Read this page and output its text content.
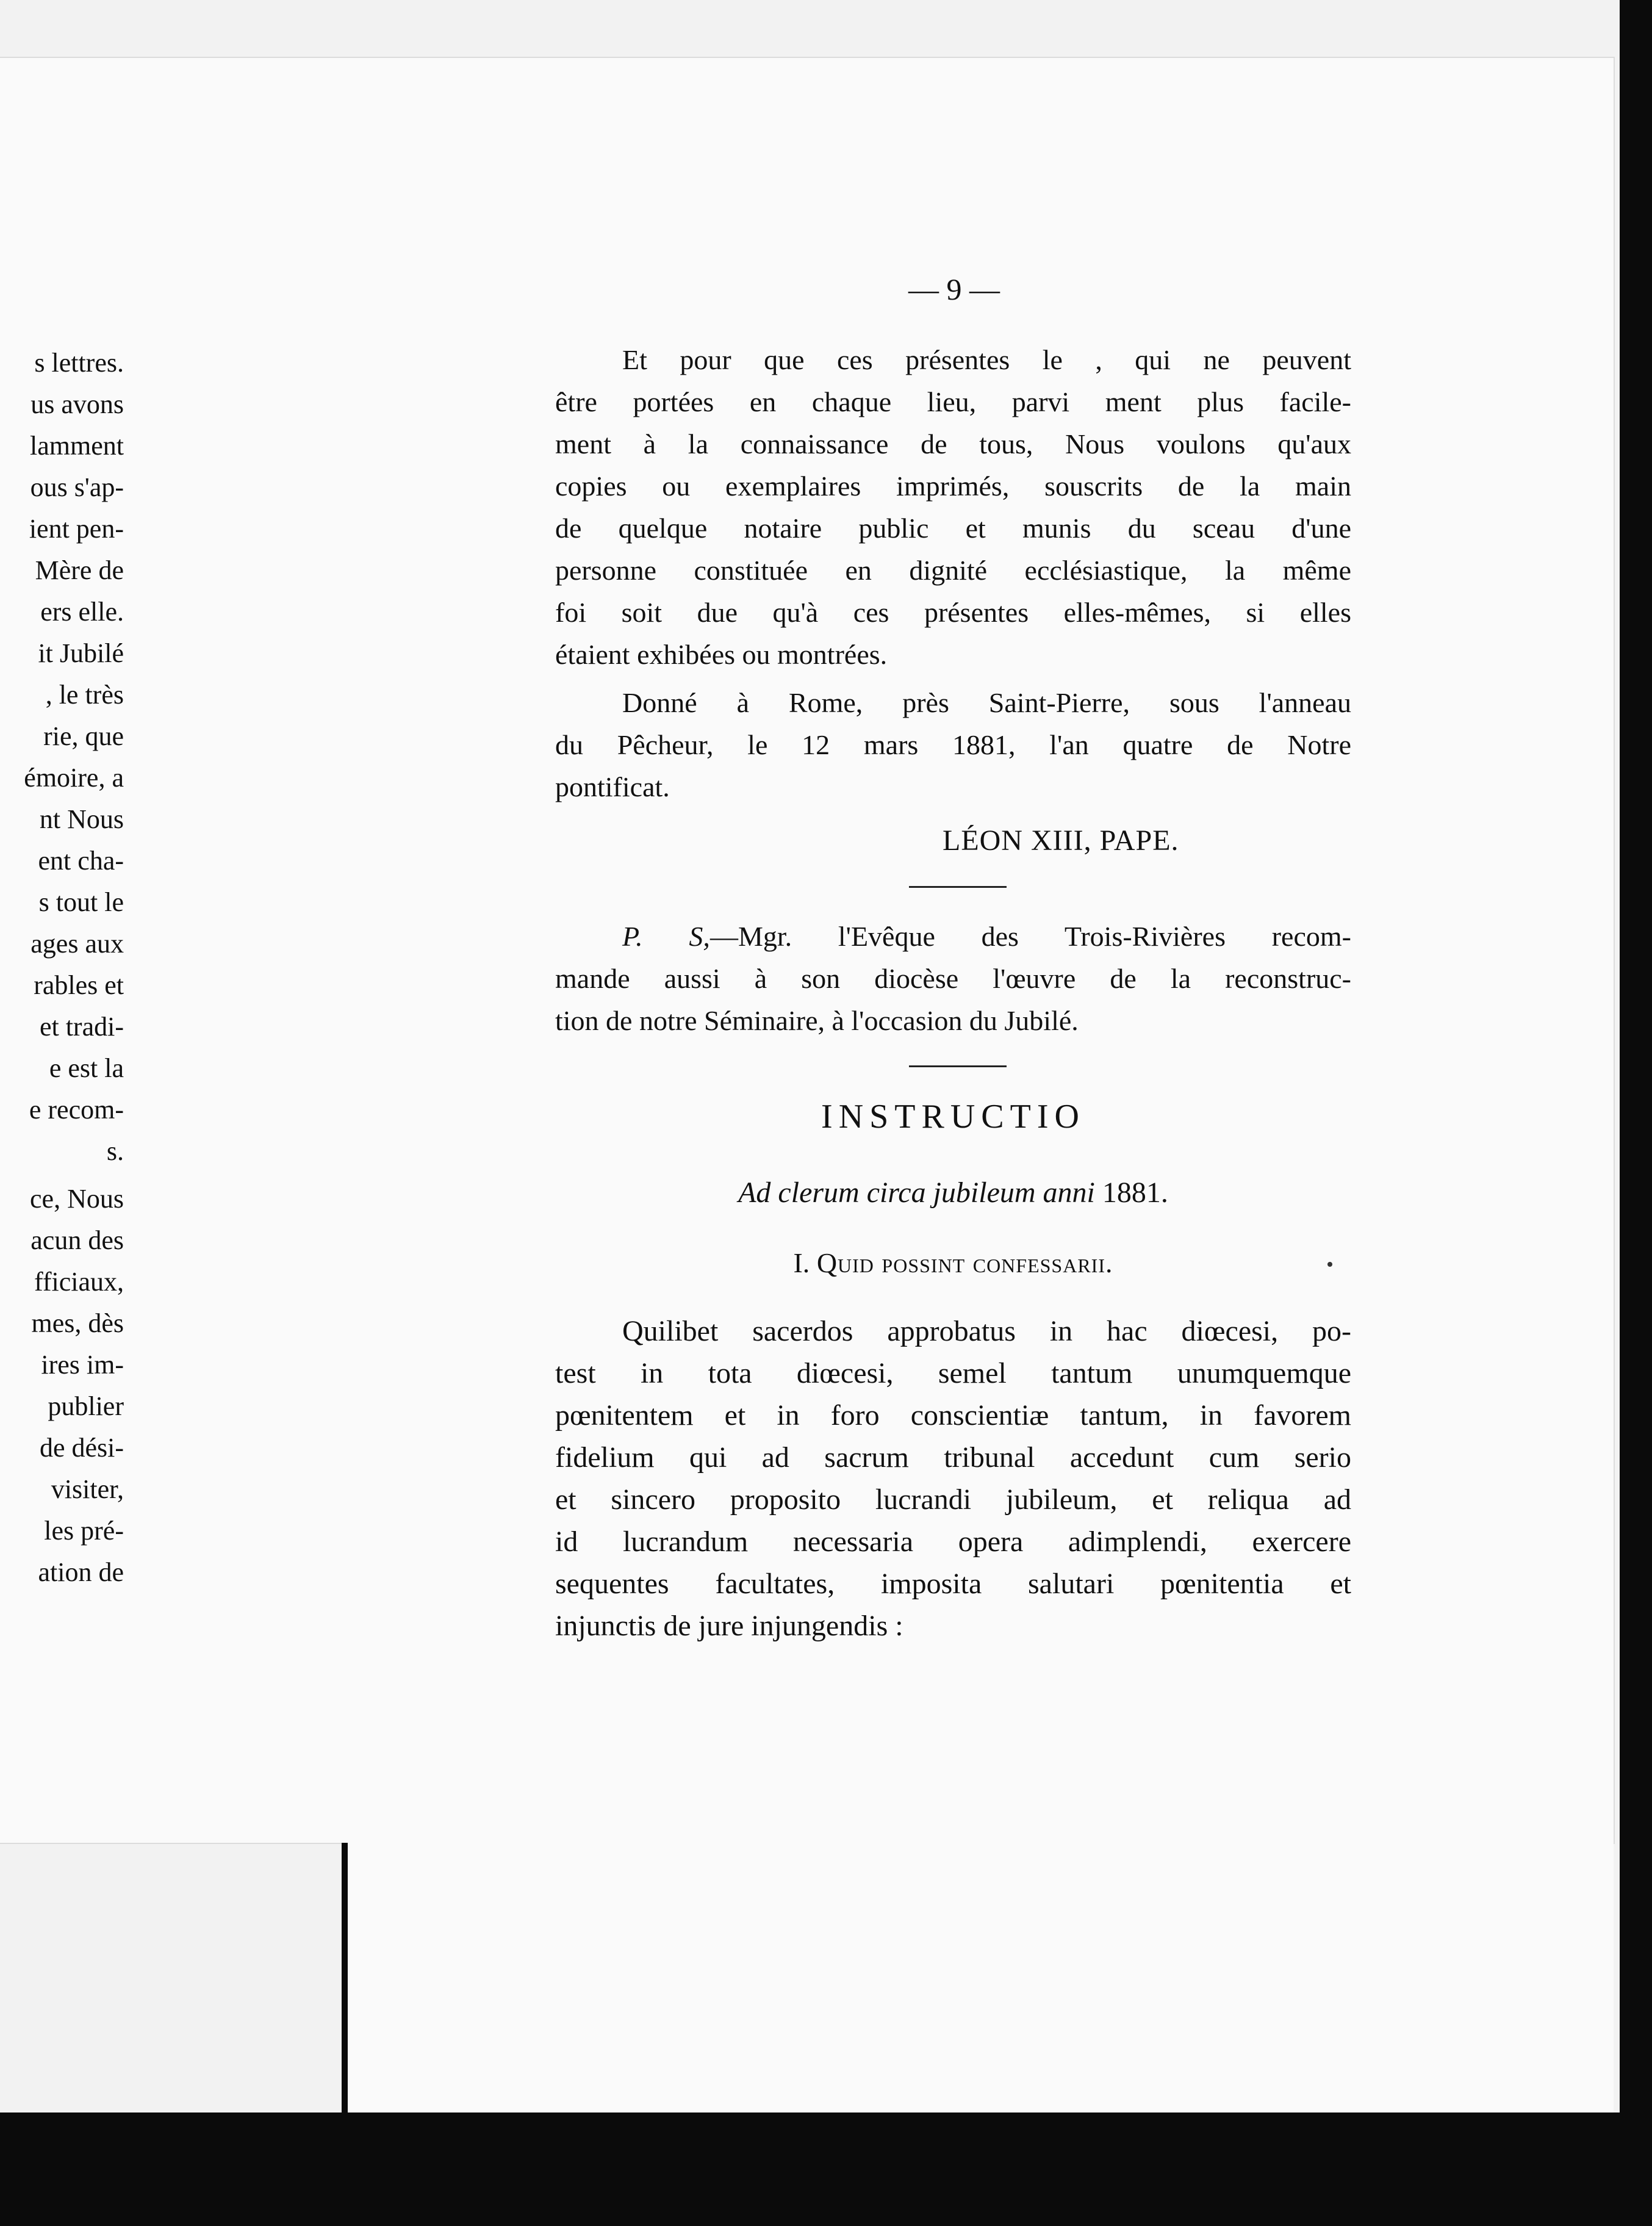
— 9 —
s lettres.
us avons
lamment
ous s'ap-
ient pen-
Mère de
ers elle.
it Jubilé
, le très
rie, que
émoire, a
nt Nous
ent cha-
s tout le
ages aux
rables et
et tradi-
e est la
e recom-
s.
ce, Nous
acun des
fficiaux,
mes, dès
ires im-
publier
de dési-
visiter,
les pré-
ation de
Et pour que ces présentes le , qui ne peuvent
être portées en chaque lieu, parvi ment plus facile-
ment à la connaissance de tous, Nous voulons qu'aux
copies ou exemplaires imprimés, souscrits de la main
de quelque notaire public et munis du sceau d'une
personne constituée en dignité ecclésiastique, la même
foi soit due qu'à ces présentes elles-mêmes, si elles
étaient exhibées ou montrées.
Donné à Rome, près Saint-Pierre, sous l'anneau
du Pêcheur, le 12 mars 1881, l'an quatre de Notre
pontificat.
LÉON XIII, PAPE.
P. S,—Mgr. l'Evêque des Trois-Rivières recom-
mande aussi à son diocèse l'œuvre de la reconstruc-
tion de notre Séminaire, à l'occasion du Jubilé.
INSTRUCTIO
Ad clerum circa jubileum anni 1881.
I. Quid possint confessarii.
Quilibet sacerdos approbatus in hac diœcesi, po-
test in tota diœcesi, semel tantum unumquemque
pœnitentem et in foro conscientiæ tantum, in favorem
fidelium qui ad sacrum tribunal accedunt cum serio
et sincero proposito lucrandi jubileum, et reliqua ad
id lucrandum necessaria opera adimplendi, exercere
sequentes facultates, imposita salutari pœnitentia et
injunctis de jure injungendis :
